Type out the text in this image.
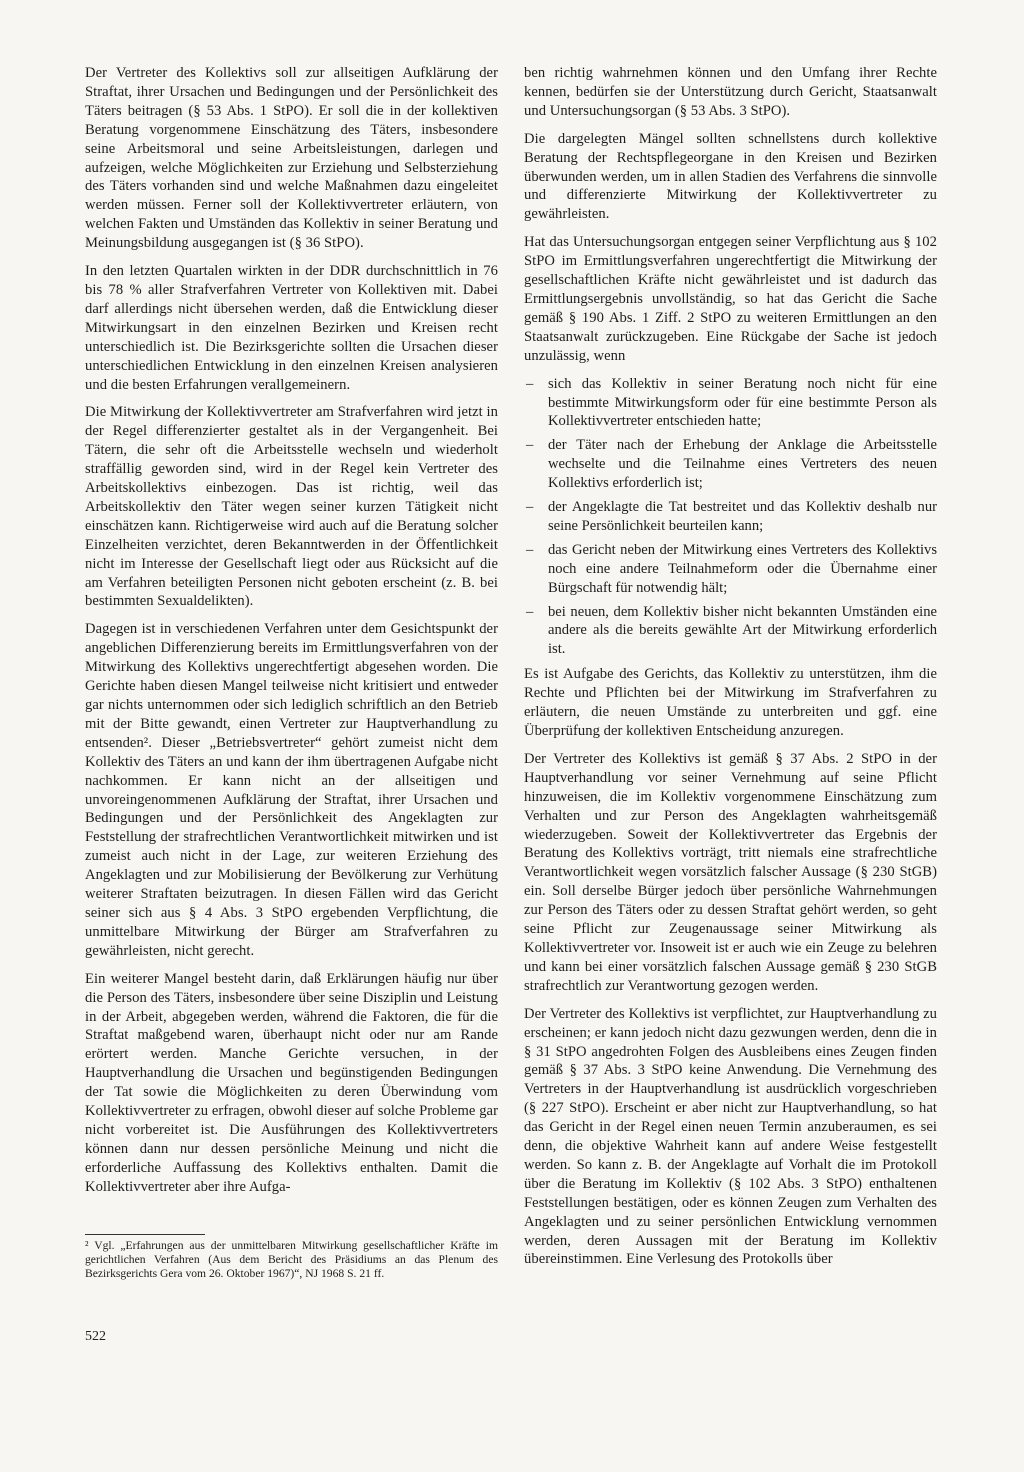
Der Vertreter des Kollektivs soll zur allseitigen Aufklärung der Straftat, ihrer Ursachen und Bedingungen und der Persönlichkeit des Täters beitragen (§ 53 Abs. 1 StPO). Er soll die in der kollektiven Beratung vorgenommene Einschätzung des Täters, insbesondere seine Arbeitsmoral und seine Arbeitsleistungen, darlegen und aufzeigen, welche Möglichkeiten zur Erziehung und Selbsterziehung des Täters vorhanden sind und welche Maßnahmen dazu eingeleitet werden müssen. Ferner soll der Kollektivvertreter erläutern, von welchen Fakten und Umständen das Kollektiv in seiner Beratung und Meinungsbildung ausgegangen ist (§ 36 StPO).

In den letzten Quartalen wirkten in der DDR durchschnittlich in 76 bis 78 % aller Strafverfahren Vertreter von Kollektiven mit. Dabei darf allerdings nicht übersehen werden, daß die Entwicklung dieser Mitwirkungsart in den einzelnen Bezirken und Kreisen recht unterschiedlich ist. Die Bezirksgerichte sollten die Ursachen dieser unterschiedlichen Entwicklung in den einzelnen Kreisen analysieren und die besten Erfahrungen verallgemeinern.

Die Mitwirkung der Kollektivvertreter am Strafverfahren wird jetzt in der Regel differenzierter gestaltet als in der Vergangenheit. Bei Tätern, die sehr oft die Arbeitsstelle wechseln und wiederholt straffällig geworden sind, wird in der Regel kein Vertreter des Arbeitskollektivs einbezogen. Das ist richtig, weil das Arbeitskollektiv den Täter wegen seiner kurzen Tätigkeit nicht einschätzen kann. Richtigerweise wird auch auf die Beratung solcher Einzelheiten verzichtet, deren Bekanntwerden in der Öffentlichkeit nicht im Interesse der Gesellschaft liegt oder aus Rücksicht auf die am Verfahren beteiligten Personen nicht geboten erscheint (z. B. bei bestimmten Sexualdelikten).

Dagegen ist in verschiedenen Verfahren unter dem Gesichtspunkt der angeblichen Differenzierung bereits im Ermittlungsverfahren von der Mitwirkung des Kollektivs ungerechtfertigt abgesehen worden. Die Gerichte haben diesen Mangel teilweise nicht kritisiert und entweder gar nichts unternommen oder sich lediglich schriftlich an den Betrieb mit der Bitte gewandt, einen Vertreter zur Hauptverhandlung zu entsenden². Dieser „Betriebsvertreter“ gehört zumeist nicht dem Kollektiv des Täters an und kann der ihm übertragenen Aufgabe nicht nachkommen. Er kann nicht an der allseitigen und unvoreingenommenen Aufklärung der Straftat, ihrer Ursachen und Bedingungen und der Persönlichkeit des Angeklagten zur Feststellung der strafrechtlichen Verantwortlichkeit mitwirken und ist zumeist auch nicht in der Lage, zur weiteren Erziehung des Angeklagten und zur Mobilisierung der Bevölkerung zur Verhütung weiterer Straftaten beizutragen. In diesen Fällen wird das Gericht seiner sich aus § 4 Abs. 3 StPO ergebenden Verpflichtung, die unmittelbare Mitwirkung der Bürger am Strafverfahren zu gewährleisten, nicht gerecht.

Ein weiterer Mangel besteht darin, daß Erklärungen häufig nur über die Person des Täters, insbesondere über seine Disziplin und Leistung in der Arbeit, abgegeben werden, während die Faktoren, die für die Straftat maßgebend waren, überhaupt nicht oder nur am Rande erörtert werden. Manche Gerichte versuchen, in der Hauptverhandlung die Ursachen und begünstigenden Bedingungen der Tat sowie die Möglichkeiten zu deren Überwindung vom Kollektivvertreter zu erfragen, obwohl dieser auf solche Probleme gar nicht vorbereitet ist. Die Ausführungen des Kollektivvertreters können dann nur dessen persönliche Meinung und nicht die erforderliche Auffassung des Kollektivs enthalten. Damit die Kollektivvertreter aber ihre Aufga-

² Vgl. „Erfahrungen aus der unmittelbaren Mitwirkung gesellschaftlicher Kräfte im gerichtlichen Verfahren (Aus dem Bericht des Präsidiums an das Plenum des Bezirksgerichts Gera vom 26. Oktober 1967)“, NJ 1968 S. 21 ff.

ben richtig wahrnehmen können und den Umfang ihrer Rechte kennen, bedürfen sie der Unterstützung durch Gericht, Staatsanwalt und Untersuchungsorgan (§ 53 Abs. 3 StPO).

Die dargelegten Mängel sollten schnellstens durch kollektive Beratung der Rechtspflegeorgane in den Kreisen und Bezirken überwunden werden, um in allen Stadien des Verfahrens die sinnvolle und differenzierte Mitwirkung der Kollektivvertreter zu gewährleisten.

Hat das Untersuchungsorgan entgegen seiner Verpflichtung aus § 102 StPO im Ermittlungsverfahren ungerechtfertigt die Mitwirkung der gesellschaftlichen Kräfte nicht gewährleistet und ist dadurch das Ermittlungsergebnis unvollständig, so hat das Gericht die Sache gemäß § 190 Abs. 1 Ziff. 2 StPO zu weiteren Ermittlungen an den Staatsanwalt zurückzugeben. Eine Rückgabe der Sache ist jedoch unzulässig, wenn

– sich das Kollektiv in seiner Beratung noch nicht für eine bestimmte Mitwirkungsform oder für eine bestimmte Person als Kollektivvertreter entschieden hatte;
– der Täter nach der Erhebung der Anklage die Arbeitsstelle wechselte und die Teilnahme eines Vertreters des neuen Kollektivs erforderlich ist;
– der Angeklagte die Tat bestreitet und das Kollektiv deshalb nur seine Persönlichkeit beurteilen kann;
– das Gericht neben der Mitwirkung eines Vertreters des Kollektivs noch eine andere Teilnahmeform oder die Übernahme einer Bürgschaft für notwendig hält;
– bei neuen, dem Kollektiv bisher nicht bekannten Umständen eine andere als die bereits gewählte Art der Mitwirkung erforderlich ist.

Es ist Aufgabe des Gerichts, das Kollektiv zu unterstützen, ihm die Rechte und Pflichten bei der Mitwirkung im Strafverfahren zu erläutern, die neuen Umstände zu unterbreiten und ggf. eine Überprüfung der kollektiven Entscheidung anzuregen.

Der Vertreter des Kollektivs ist gemäß § 37 Abs. 2 StPO in der Hauptverhandlung vor seiner Vernehmung auf seine Pflicht hinzuweisen, die im Kollektiv vorgenommene Einschätzung zum Verhalten und zur Person des Angeklagten wahrheitsgemäß wiederzugeben. Soweit der Kollektivvertreter das Ergebnis der Beratung des Kollektivs vorträgt, tritt niemals eine strafrechtliche Verantwortlichkeit wegen vorsätzlich falscher Aussage (§ 230 StGB) ein. Soll derselbe Bürger jedoch über persönliche Wahrnehmungen zur Person des Täters oder zu dessen Straftat gehört werden, so geht seine Pflicht zur Zeugenaussage seiner Mitwirkung als Kollektivvertreter vor. Insoweit ist er auch wie ein Zeuge zu belehren und kann bei einer vorsätzlich falschen Aussage gemäß § 230 StGB strafrechtlich zur Verantwortung gezogen werden.

Der Vertreter des Kollektivs ist verpflichtet, zur Hauptverhandlung zu erscheinen; er kann jedoch nicht dazu gezwungen werden, denn die in § 31 StPO angedrohten Folgen des Ausbleibens eines Zeugen finden gemäß § 37 Abs. 3 StPO keine Anwendung. Die Vernehmung des Vertreters in der Hauptverhandlung ist ausdrücklich vorgeschrieben (§ 227 StPO). Erscheint er aber nicht zur Hauptverhandlung, so hat das Gericht in der Regel einen neuen Termin anzuberaumen, es sei denn, die objektive Wahrheit kann auf andere Weise festgestellt werden. So kann z. B. der Angeklagte auf Vorhalt die im Protokoll über die Beratung im Kollektiv (§ 102 Abs. 3 StPO) enthaltenen Feststellungen bestätigen, oder es können Zeugen zum Verhalten des Angeklagten und zu seiner persönlichen Entwicklung vernommen werden, deren Aussagen mit der Beratung im Kollektiv übereinstimmen. Eine Verlesung des Protokolls über

522
